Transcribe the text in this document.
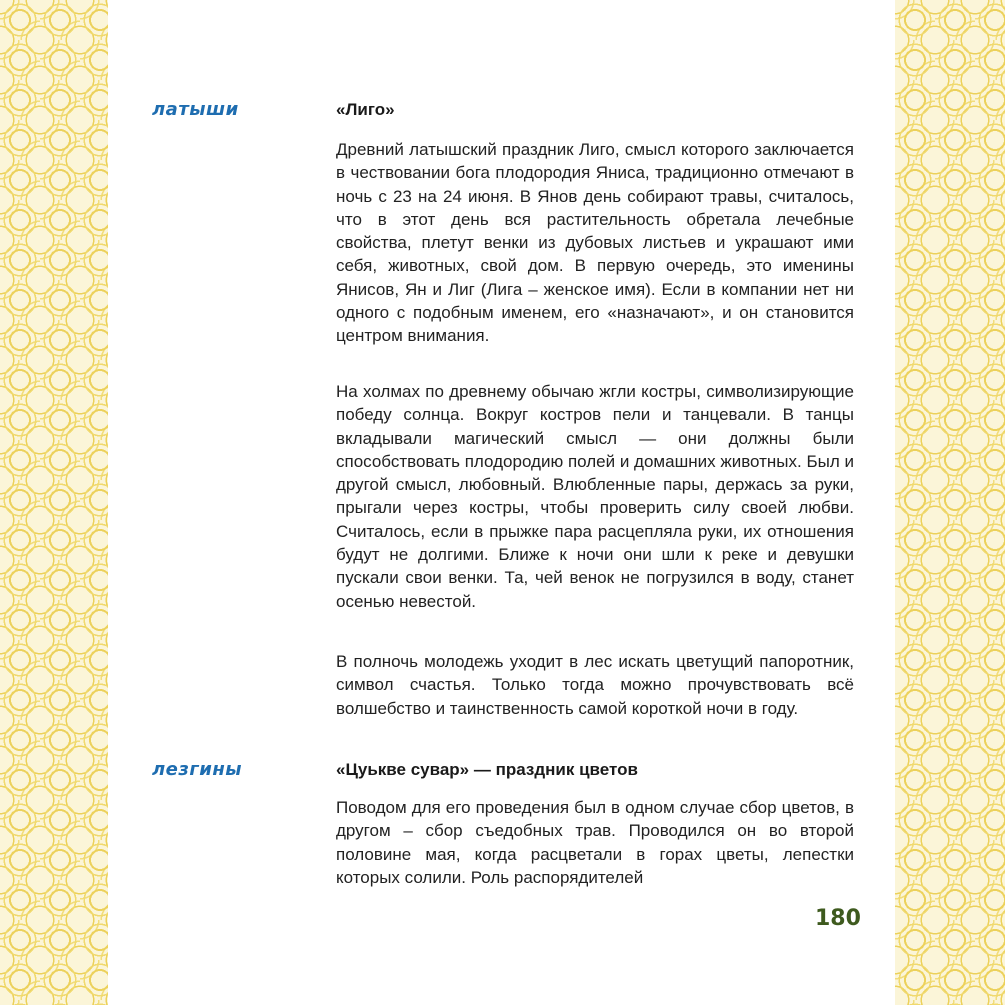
латыши	«Лиго»

Древний латышский праздник Лиго, смысл которого заключается в чествовании бога плодородия Яниса, традиционно отмечают в ночь с 23 на 24 июня. В Янов день собирают травы, считалось, что в этот день вся растительность обретала лечебные свойства, плетут венки из дубовых листьев и украшают ими себя, животных, свой дом. В первую очередь, это именины Янисов, Ян и Лиг (Лига – женское имя). Если в компании нет ни одного с подобным именем, его «назначают», и он становится центром внимания.

На холмах по древнему обычаю жгли костры, символизирующие победу солнца. Вокруг костров пели и танцевали. В танцы вкладывали магический смысл — они должны были способствовать плодородию полей и домашних животных. Был и другой смысл, любовный. Влюбленные пары, держась за руки, прыгали через костры, чтобы проверить силу своей любви. Считалось, если в прыжке пара расцепляла руки, их отношения будут не долгими. Ближе к ночи они шли к реке и девушки пускали свои венки. Та, чей венок не погрузился в воду, станет осенью невестой.

В полночь молодежь уходит в лес искать цветущий папоротник, символ счастья. Только тогда можно прочувствовать всё волшебство и таинственность самой короткой ночи в году.

лезгины	«Цуькве сувар» — праздник цветов

Поводом для его проведения был в одном случае сбор цветов, в другом – сбор съедобных трав. Проводился он во второй половине мая, когда расцветали в горах цветы, лепестки которых солили. Роль распорядителей

180
